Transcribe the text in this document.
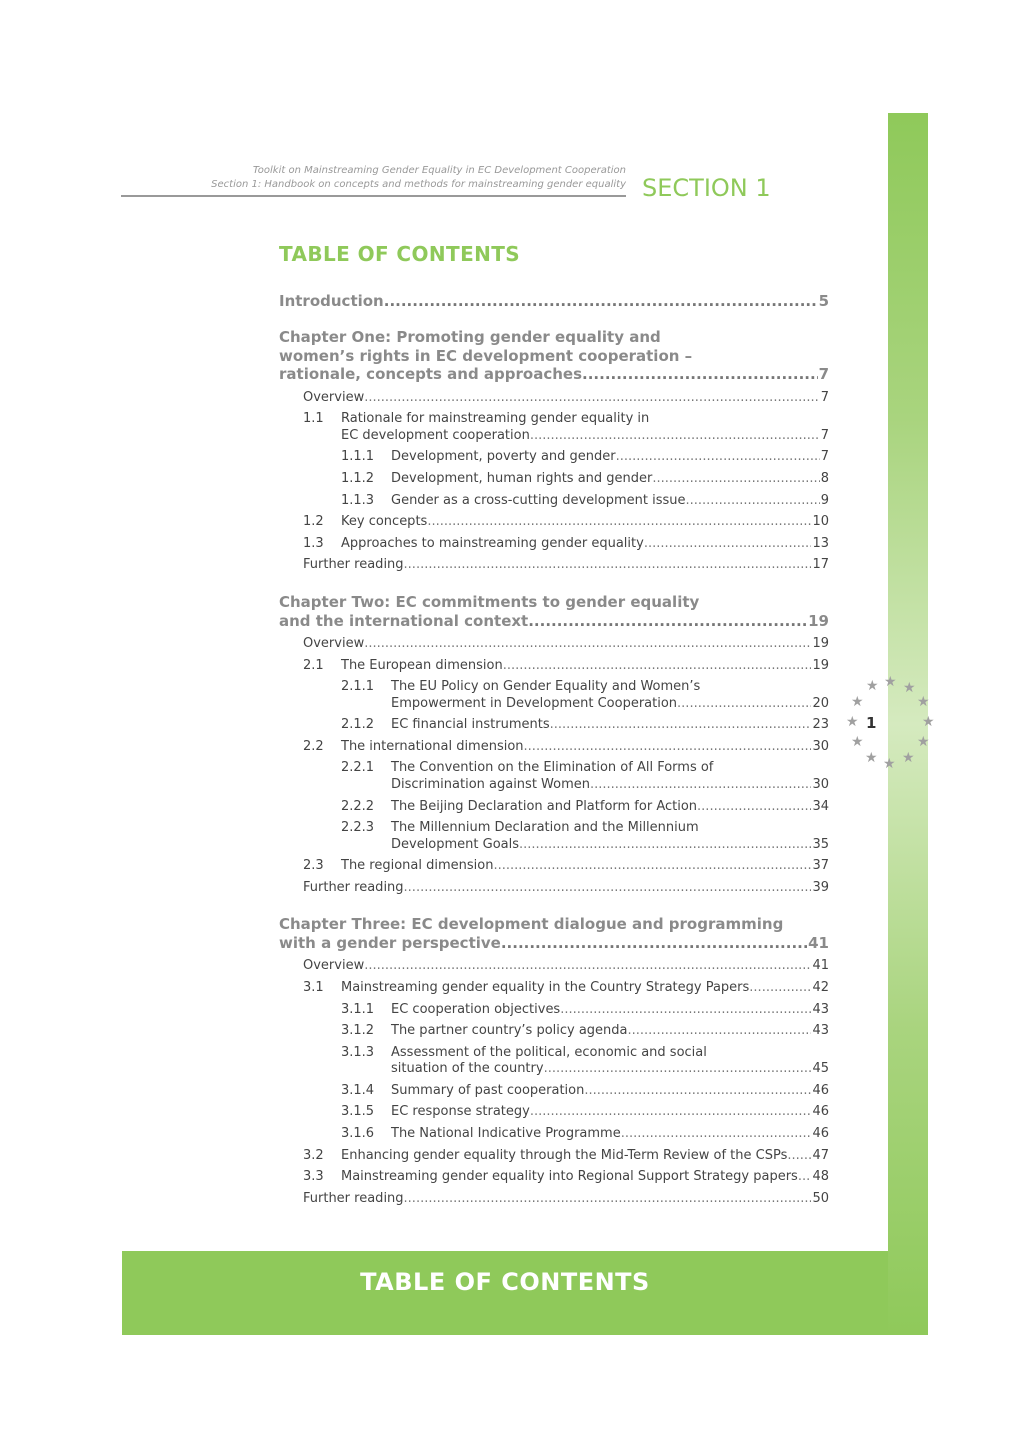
Toolkit on Mainstreaming Gender Equality in EC Development Cooperation
Section 1: Handbook on concepts and methods for mainstreaming gender equality SECTION 1
TABLE OF CONTENTS
Introduction .....	5
Chapter One: Promoting gender equality and
women’s rights in EC development cooperation –
rationale, concepts and approaches .....	7
Overview .....	7
1.1 Rationale for mainstreaming gender equality in
EC development cooperation .....	7
1.1.1 Development, poverty and gender .....	7
1.1.2 Development, human rights and gender .....	8
1.1.3 Gender as a cross-cutting development issue .....	9
1.2 Key concepts .....	10
1.3 Approaches to mainstreaming gender equality .....	13
Further reading .....	17
Chapter Two: EC commitments to gender equality
and the international context .....	19
Overview .....	19
2.1 The European dimension .....	19
2.1.1 The EU Policy on Gender Equality and Women’s
Empowerment in Development Cooperation .....	20
2.1.2 EC financial instruments .....	23
2.2 The international dimension .....	30
2.2.1 The Convention on the Elimination of All Forms of
Discrimination against Women .....	30
2.2.2 The Beijing Declaration and Platform for Action .....	34
2.2.3 The Millennium Declaration and the Millennium
Development Goals .....	35
2.3 The regional dimension .....	37
Further reading .....	39
Chapter Three: EC development dialogue and programming
with a gender perspective .....	41
Overview .....	41
3.1 Mainstreaming gender equality in the Country Strategy Papers .....	42
3.1.1 EC cooperation objectives .....	43
3.1.2 The partner country’s policy agenda .....	43
3.1.3 Assessment of the political, economic and social
situation of the country .....	45
3.1.4 Summary of past cooperation .....	46
3.1.5 EC response strategy .....	46
3.1.6 The National Indicative Programme .....	46
3.2 Enhancing gender equality through the Mid-Term Review of the CSPs ..... 47
3.3 Mainstreaming gender equality into Regional Support Strategy papers ..... 48
Further reading .....	50
★ ★ ★
★
★
★
★
★
★
★
★
★
1
TABLE OF CONTENTS
